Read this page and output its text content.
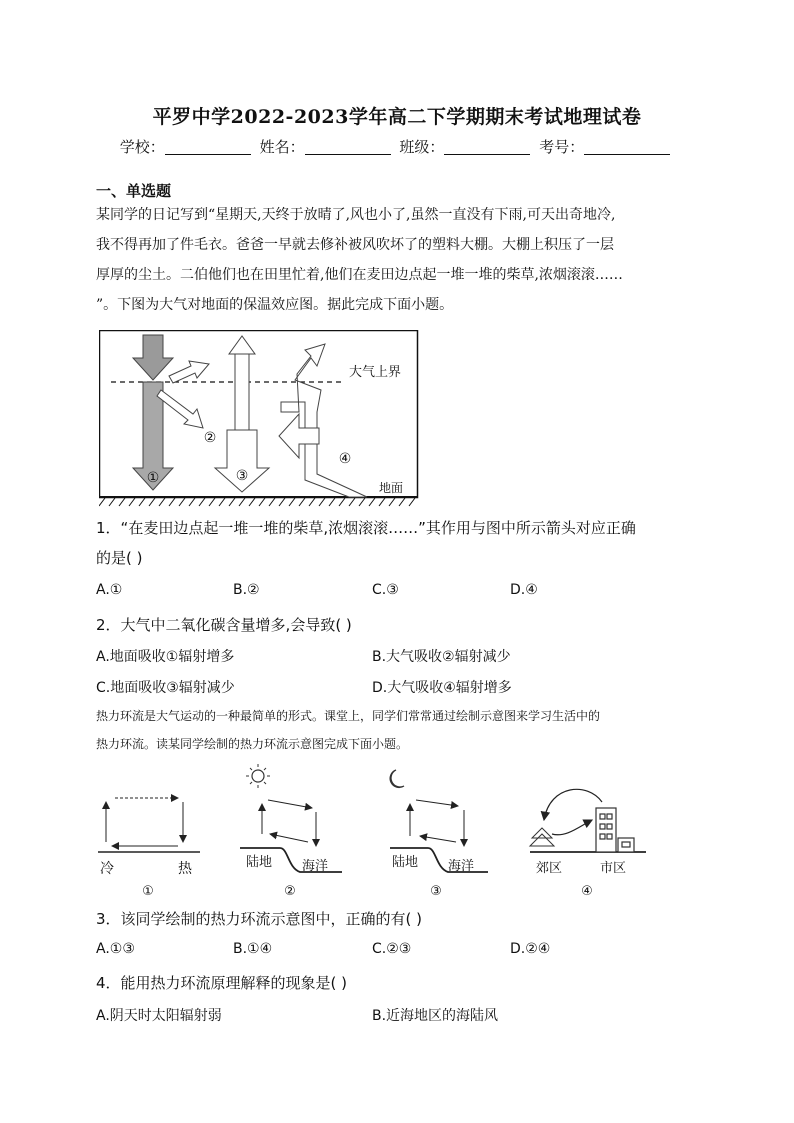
平罗中学2022-2023学年高二下学期期末考试地理试卷
学校：	姓名：	班级：	考号：
一、单选题
某同学的日记写到“星期天,天终于放晴了,风也小了,虽然一直没有下雨,可天出奇地冷,
我不得再加了件毛衣。爸爸一早就去修补被风吹坏了的塑料大棚。大棚上积压了一层
厚厚的尘土。二伯他们也在田里忙着,他们在麦田边点起一堆一堆的柴草,浓烟滚滚……
”。下图为大气对地面的保温效应图。据此完成下面小题。
大气上界
地面
①
②
③
④
1．“在麦田边点起一堆一堆的柴草,浓烟滚滚……”其作用与图中所示箭头对应正确
的是( )
A.①	B.②	C.③	D.④
2．大气中二氧化碳含量增多,会导致( )
A.地面吸收①辐射增多	B.大气吸收②辐射减少
C.地面吸收③辐射减少	D.大气吸收④辐射增多
热力环流是大气运动的一种最简单的形式。课堂上，同学们常常通过绘制示意图来学习生活中的
热力环流。读某同学绘制的热力环流示意图完成下面小题。
冷	热
①
陆地 海洋
②
陆地 海洋
③
郊区	市区
④
3．该同学绘制的热力环流示意图中，正确的有( )
A.①③	B.①④	C.②③	D.②④
4．能用热力环流原理解释的现象是( )
A.阴天时太阳辐射弱	B.近海地区的海陆风
